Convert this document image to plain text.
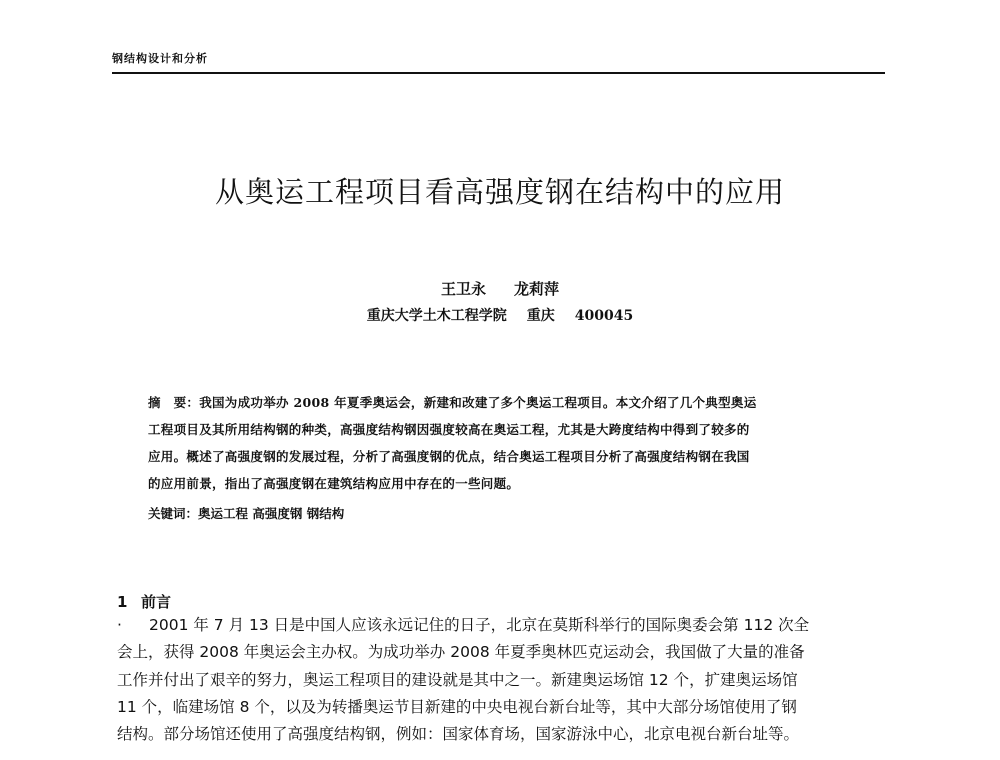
钢结构设计和分析
从奥运工程项目看高强度钢在结构中的应用
王卫永 龙莉萍
重庆大学土木工程学院 重庆 400045
摘　要：我国为成功举办 2008 年夏季奥运会，新建和改建了多个奥运工程项目。本文介绍了几个典型奥运
工程项目及其所用结构钢的种类，高强度结构钢因强度较高在奥运工程，尤其是大跨度结构中得到了较多的
应用。概述了高强度钢的发展过程，分析了高强度钢的优点，结合奥运工程项目分析了高强度结构钢在我国
的应用前景，指出了高强度钢在建筑结构应用中存在的一些问题。
关键词：奥运工程 高强度钢 钢结构
1 前言
· 2001 年 7 月 13 日是中国人应该永远记住的日子，北京在莫斯科举行的国际奥委会第 112 次全
会上，获得 2008 年奥运会主办权。为成功举办 2008 年夏季奥林匹克运动会，我国做了大量的准备
工作并付出了艰辛的努力，奥运工程项目的建设就是其中之一。新建奥运场馆 12 个，扩建奥运场馆
11 个，临建场馆 8 个，以及为转播奥运节目新建的中央电视台新台址等，其中大部分场馆使用了钢
结构。部分场馆还使用了高强度结构钢，例如：国家体育场，国家游泳中心，北京电视台新台址等。
